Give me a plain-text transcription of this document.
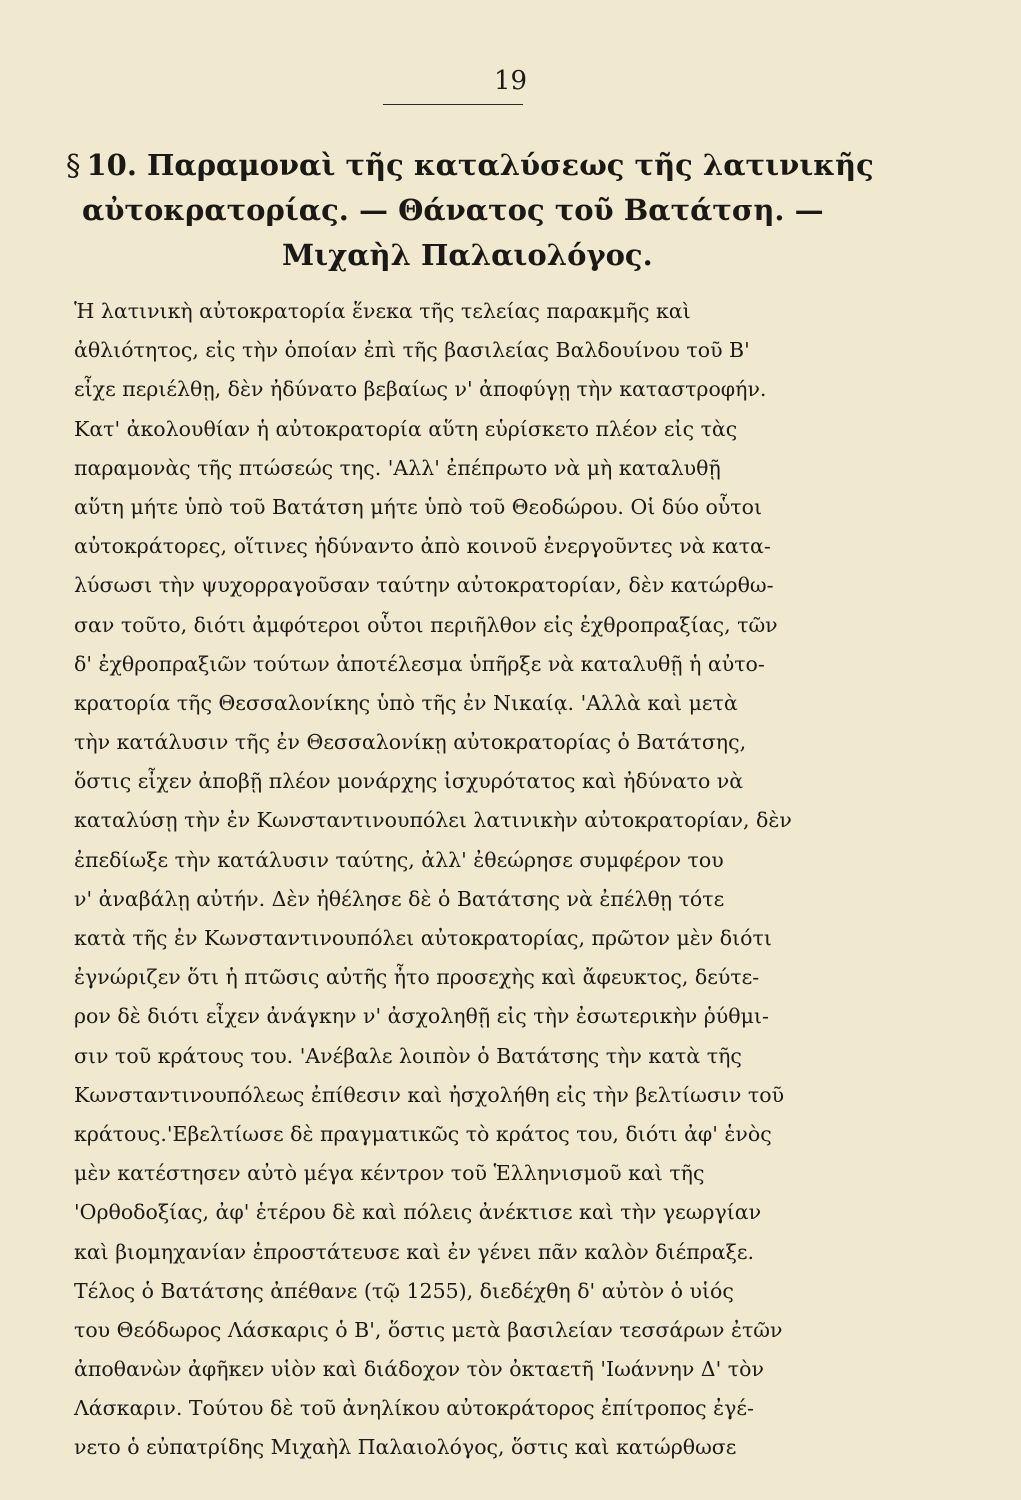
19
§ 10. Παραμοναὶ τῆς καταλύσεως τῆς λατινικῆς
αὐτοκρατορίας. — Θάνατος τοῦ Βατάτση. —
Μιχαὴλ Παλαιολόγος.
Ἡ λατινικὴ αὐτοκρατορία ἕνεκα τῆς τελείας παρακμῆς καὶ
ἀθλιότητος, εἰς τὴν ὁποίαν ἐπὶ τῆς βασιλείας Βαλδουίνου τοῦ Β'
εἶχε περιέλθῃ, δὲν ἠδύνατο βεβαίως ν' ἀποφύγῃ τὴν καταστροφήν.
Κατ' ἀκολουθίαν ἡ αὐτοκρατορία αὕτη εὑρίσκετο πλέον εἰς τὰς
παραμονὰς τῆς πτώσεώς της. 'Αλλ' ἐπέπρωτο νὰ μὴ καταλυθῇ
αὕτη μήτε ὑπὸ τοῦ Βατάτση μήτε ὑπὸ τοῦ Θεοδώρου. Οἱ δύο οὗτοι
αὐτοκράτορες, οἵτινες ἠδύναντο ἀπὸ κοινοῦ ἐνεργοῦντες νὰ κατα-
λύσωσι τὴν ψυχορραγοῦσαν ταύτην αὐτοκρατορίαν, δὲν κατώρθω-
σαν τοῦτο, διότι ἀμφότεροι οὗτοι περιῆλθον εἰς ἐχθροπραξίας, τῶν
δ' ἐχθροπραξιῶν τούτων ἀποτέλεσμα ὑπῆρξε νὰ καταλυθῇ ἡ αὐτο-
κρατορία τῆς Θεσσαλονίκης ὑπὸ τῆς ἐν Νικαίᾳ. 'Αλλὰ καὶ μετὰ
τὴν κατάλυσιν τῆς ἐν Θεσσαλονίκῃ αὐτοκρατορίας ὁ Βατάτσης,
ὅστις εἶχεν ἀποβῇ πλέον μονάρχης ἰσχυρότατος καὶ ἠδύνατο νὰ
καταλύσῃ τὴν ἐν Κωνσταντινουπόλει λατινικὴν αὐτοκρατορίαν, δὲν
ἐπεδίωξε τὴν κατάλυσιν ταύτης, ἀλλ' ἐθεώρησε συμφέρον του
ν' ἀναβάλῃ αὐτήν. Δὲν ἠθέλησε δὲ ὁ Βατάτσης νὰ ἐπέλθῃ τότε
κατὰ τῆς ἐν Κωνσταντινουπόλει αὐτοκρατορίας, πρῶτον μὲν διότι
ἐγνώριζεν ὅτι ἡ πτῶσις αὐτῆς ἦτο προσεχὴς καὶ ἄφευκτος, δεύτε-
ρον δὲ διότι εἶχεν ἀνάγκην ν' ἀσχοληθῇ εἰς τὴν ἐσωτερικὴν ῥύθμι-
σιν τοῦ κράτους του. 'Ανέβαλε λοιπὸν ὁ Βατάτσης τὴν κατὰ τῆς
Κωνσταντινουπόλεως ἐπίθεσιν καὶ ἠσχολήθη εἰς τὴν βελτίωσιν τοῦ
κράτους.'Εβελτίωσε δὲ πραγματικῶς τὸ κράτος του, διότι ἀφ' ἑνὸς
μὲν κατέστησεν αὐτὸ μέγα κέντρον τοῦ Ἑλληνισμοῦ καὶ τῆς
'Ορθοδοξίας, ἀφ' ἑτέρου δὲ καὶ πόλεις ἀνέκτισε καὶ τὴν γεωργίαν
καὶ βιομηχανίαν ἐπροστάτευσε καὶ ἐν γένει πᾶν καλὸν διέπραξε.
Τέλος ὁ Βατάτσης ἀπέθανε (τῷ 1255), διεδέχθη δ' αὐτὸν ὁ υἱός
του Θεόδωρος Λάσκαρις ὁ Β', ὅστις μετὰ βασιλείαν τεσσάρων ἐτῶν
ἀποθανὼν ἀφῆκεν υἱὸν καὶ διάδοχον τὸν ὀκταετῆ 'Ιωάννην Δ' τὸν
Λάσκαριν. Τούτου δὲ τοῦ ἀνηλίκου αὐτοκράτορος ἐπίτροπος ἐγέ-
νετο ὁ εὐπατρίδης Μιχαὴλ Παλαιολόγος, ὅστις καὶ κατώρθωσε
